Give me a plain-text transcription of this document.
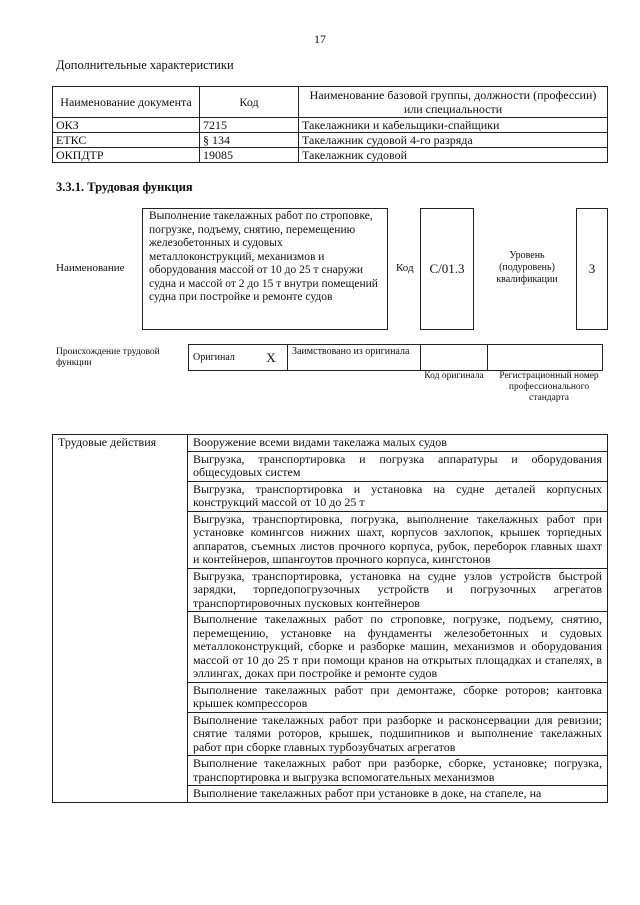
17
Дополнительные характеристики
Наименование документа	Код	Наименование базовой группы, должности (профессии) или специальности
ОКЗ	7215	Такелажники и кабельщики-спайщики
ЕТКС	§ 134	Такелажник судовой 4-го разряда
ОКПДТР	19085	Такелажник судовой
3.3.1. Трудовая функция
Наименование
Выполнение такелажных работ по строповке, погрузке, подъему, снятию, перемещению железобетонных и судовых металлоконструкций, механизмов и оборудования массой от 10 до 25 т снаружи судна и массой от 2 до 15 т внутри помещений судна при постройке и ремонте судов
Код	C/01.3
Уровень (подуровень) квалификации
3
Происхождение трудовой функции	Оригинал	X	Заимствовано из оригинала		
Код оригинала	Регистрационный номер профессионального стандарта
Трудовые действия	Вооружение всеми видами такелажа малых судов
Выгрузка, транспортировка и погрузка аппаратуры и оборудования общесудовых систем
Выгрузка, транспортировка и установка на судне деталей корпусных конструкций массой от 10 до 25 т
Выгрузка, транспортировка, погрузка, выполнение такелажных работ при установке комингсов нижних шахт, корпусов захлопок, крышек торпедных аппаратов, съемных листов прочного корпуса, рубок, переборок главных шахт и контейнеров, шпангоутов прочного корпуса, кингстонов
Выгрузка, транспортировка, установка на судне узлов устройств быстрой зарядки, торпедопогрузочных устройств и погрузочных агрегатов транспортировочных пусковых контейнеров
Выполнение такелажных работ по строповке, погрузке, подъему, снятию, перемещению, установке на фундаменты железобетонных и судовых металлоконструкций, сборке и разборке машин, механизмов и оборудования массой от 10 до 25 т при помощи кранов на открытых площадках и стапелях, в эллингах, доках при постройке и ремонте судов
Выполнение такелажных работ при демонтаже, сборке роторов; кантовка крышек компрессоров
Выполнение такелажных работ при разборке и расконсервации для ревизии; снятие талями роторов, крышек, подшипников и выполнение такелажных работ при сборке главных турбозубчатых агрегатов
Выполнение такелажных работ при разборке, сборке, установке; погрузка, транспортировка и выгрузка вспомогательных механизмов
Выполнение такелажных работ при установке в доке, на стапеле, на
